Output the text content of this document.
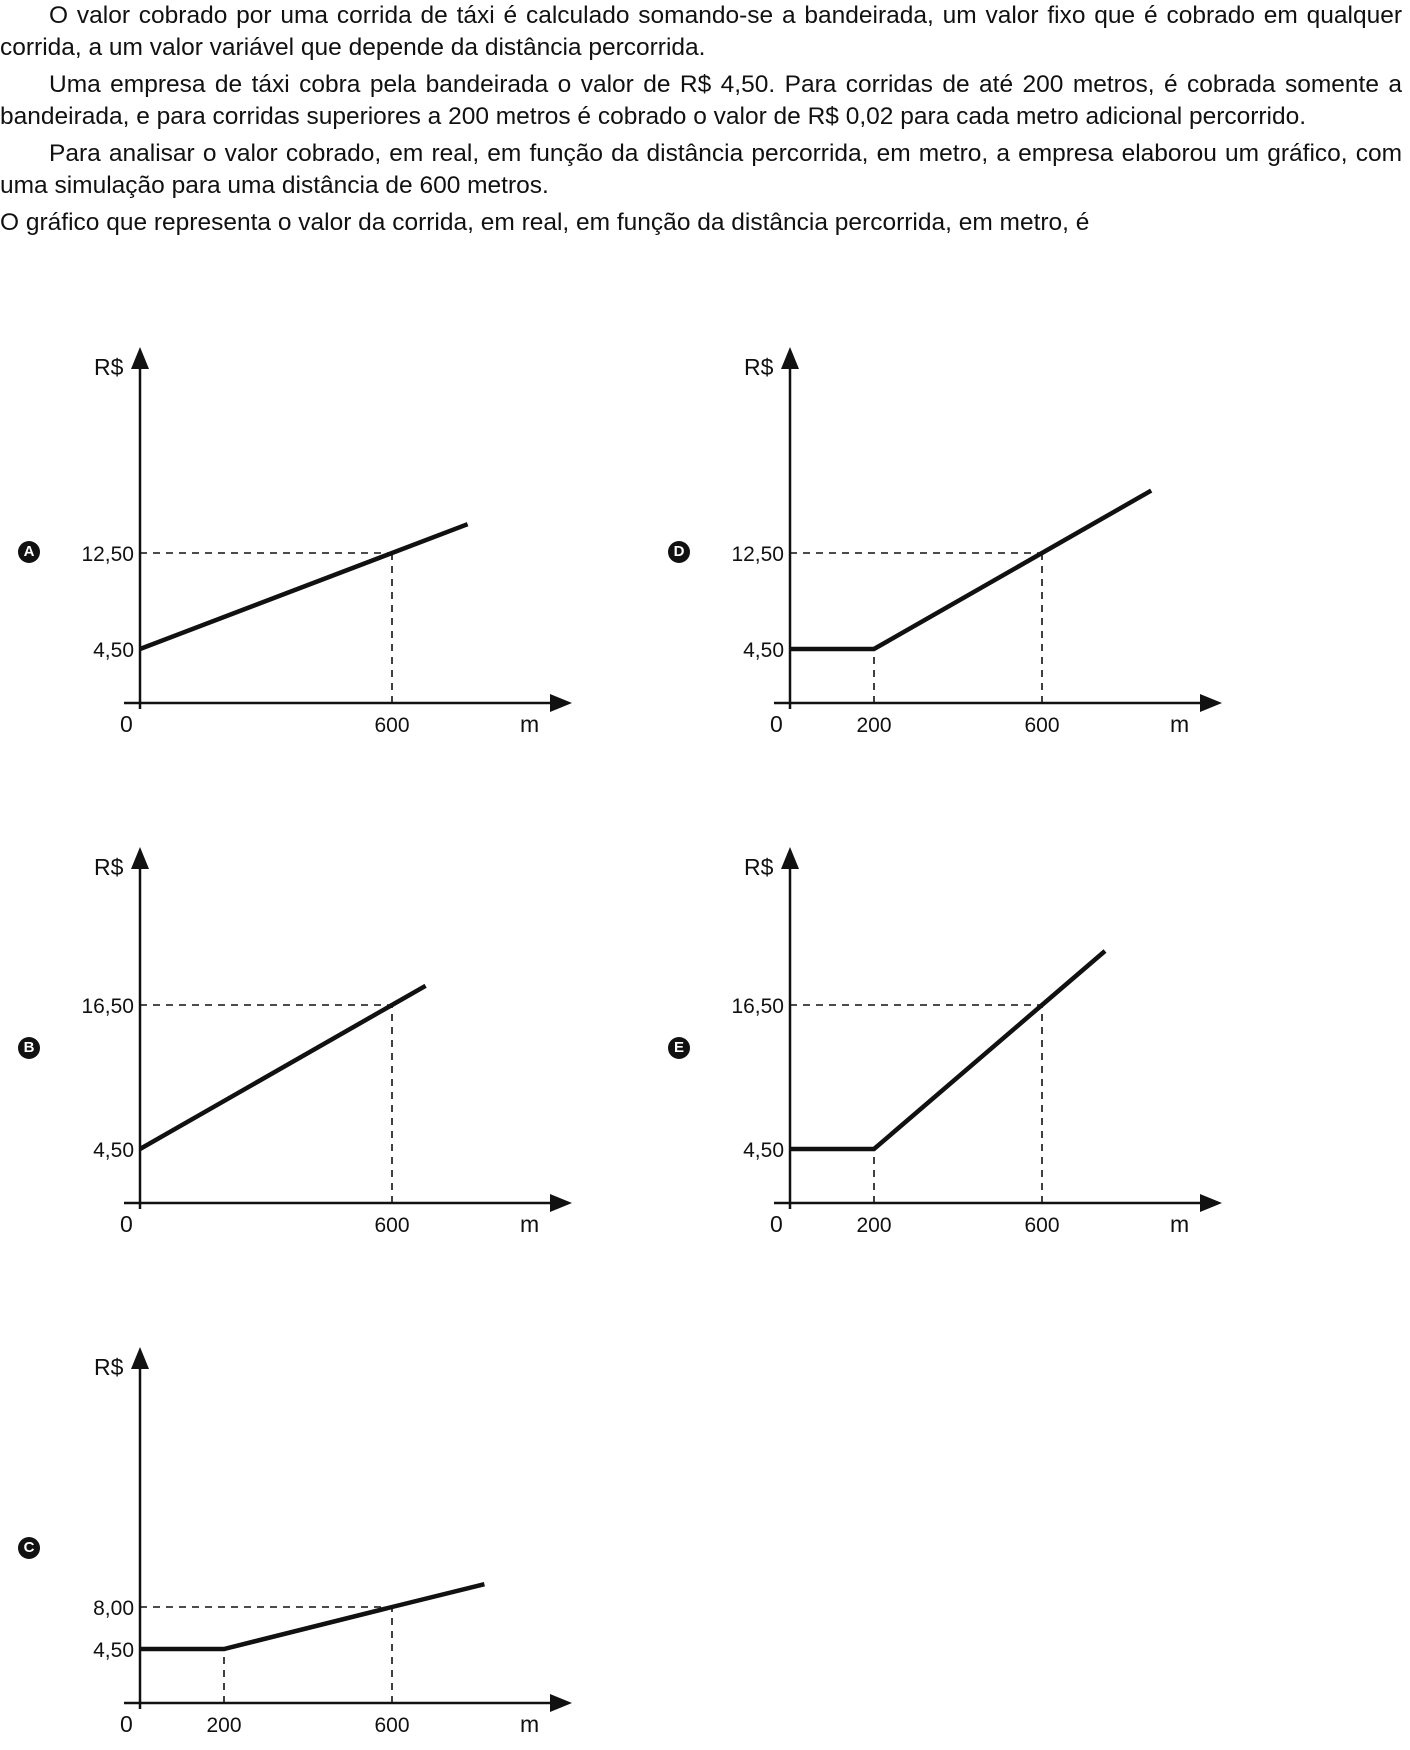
O valor cobrado por uma corrida de táxi é calculado somando-se a bandeirada, um valor fixo que é cobrado em qualquer corrida, a um valor variável que depende da distância percorrida.

Uma empresa de táxi cobra pela bandeirada o valor de R$ 4,50. Para corridas de até 200 metros, é cobrada somente a bandeirada, e para corridas superiores a 200 metros é cobrado o valor de R$ 0,02 para cada metro adicional percorrido.

Para analisar o valor cobrado, em real, em função da distância percorrida, em metro, a empresa elaborou um gráfico, com uma simulação para uma distância de 600 metros.

O gráfico que representa o valor da corrida, em real, em função da distância percorrida, em metro, é

A
R$
m
0	600
4,50
12,50	D
R$
m
0	200	600
4,50
12,50
B
R$
m
0	600
4,50
16,50
E
R$
m
0	200	600
4,50
16,50
C
R$
m
0	200	600
4,50
8,00
